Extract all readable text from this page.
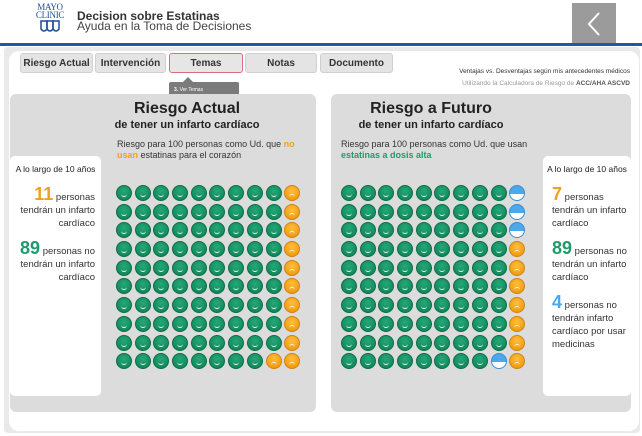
MAYO
CLINIC Decision sobre Estatinas
Ayuda en la Toma de Decisiones
Riesgo Actual	Intervención	Temas	Notas	Documento
3. Ver Temas
Ventajas vs. Desventajas según mis antecedentes médicos
Utilizando la Calculadora de Riesgo de ACC/AHA ASCVD
Riesgo Actual
de tener un infarto cardíaco
Riesgo para 100 personas como Ud. que no usan estatinas para el corazón
A lo largo de 10 años
11 personas tendrán un infarto cardíaco
89 personas no tendrán un infarto cardíaco
Riesgo a Futuro
de tener un infarto cardíaco
Riesgo para 100 personas como Ud. que usan estatinas a dosis alta
A lo largo de 10 años
7 personas tendrán un infarto cardíaco
89 personas no tendrán un infarto cardíaco
4 personas no tendrán infarto cardíaco por usar medicinas
